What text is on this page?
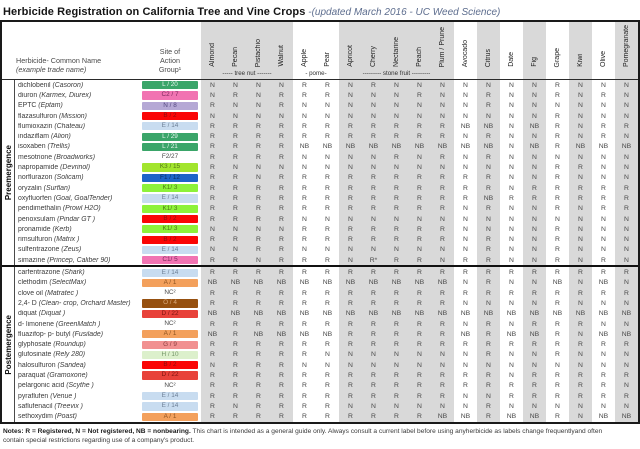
Herbicide Registration on California Tree and Vine Crops -(updated March 2016 - UC Weed Science)
Herbicide- Common Name
(example trade name)
Site of
Action
Group¹
Almond Pecan Pistachio Walnut Apple Pear Apricot Cherry Nectarine Peach Plum / Prune Avocado Citrus Date Fig Grape Kiwi Olive Pomegranate
----- tree nut -------	- pome-	--------- stone fruit ---------
Preemergence
dichlobenil (Casoron)	L / 20	N	N	N	N	R	R	N	R	N	N	N	N	N	N	N	R	N	N	N
diuron (Karmex, Diurex)	C2 / 7	N	R	N	R	R	R	N	N	N	R	N	N	R	N	N	R	N	R	N
EPTC (Eptam)	N / 8	R	N	N	R	N	N	N	N	N	N	N	N	R	N	N	N	N	N	N
flazasulfuron (Mission)	B / 2	N	N	N	N	N	N	N	N	N	N	N	N	N	N	N	R	N	N	N
flumioxazin (Chateau)	E / 14	R	R	R	R	R	R	R	R	R	R	R	NB	NB	N	NB	R	N	R	R
indaziflam (Alion)	L / 29	R	R	R	R	R	R	R	R	R	R	R	N	R	N	N	R	N	R	N
isoxaben (Trellis)	L / 21	R	R	R	R	NB	NB	NB	NB	NB	NB	NB	NB	NB	N	NB	R	NB	NB	NB
mesotrione (Broadworks)	F2/27	R	R	R	R	N	N	N	N	R	N	R	N	R	N	N	N	N	N	N
napropamide (Devrinol)	K3 / 15	R	N	N	N	N	N	N	N	N	N	N	N	N	N	N	R	R	N	N
norflurazon (Solicam)	F1 / 12	R	R	N	R	R	R	R	R	R	R	R	R	R	N	N	R	N	N	N
oryzalin (Surflan)	K1/ 3	R	R	R	R	R	R	R	R	R	R	R	R	R	N	R	R	R	R	R
oxyfluorfen (Goal, GoalTender)	E / 14	R	R	R	R	R	R	R	R	R	R	R	R	NB	R	R	R	R	R	R
pendimethalin (Prowl H2O)	K1/ 3	R	R	R	R	R	R	R	R	R	R	R	N	R	N	N	R	N	R	R
penoxsulam (Pindar GT )	B / 2	R	R	R	R	N	N	N	N	N	N	N	N	N	N	N	N	N	N	N
pronamide (Kerb)	K1/ 3	N	N	N	N	R	R	R	R	R	R	R	N	N	N	N	R	N	N	N
rimsulfuron (Matrix )	B / 2	R	R	R	R	R	R	R	R	R	R	R	N	R	N	N	R	N	N	N
sulfentrazone (Zeus)	E / 14	N	N	R	R	N	N	N	N	N	N	N	N	R	N	N	R	N	N	N
simazine (Princep, Caliber 90)	C1/ 5	R	R	N	R	R	R	N	R*	R	R	N	R	R	N	N	R	N	R	N
Postemergence
carfentrazone (Shark)	E / 14	R	R	R	R	R	R	R	R	R	R	R	R	R	R	R	R	R	R	R
clethodim (SelectMax)	A / 1	NB	NB	NB	NB	NB	NB	NB	NB	NB	NB	NB	N	R	N	N	NB	N	NB	N
clove oil (Matratec )	NC²	R	R	R	R	R	R	R	R	R	R	R	R	R	R	R	R	R	R	R
2,4- D (Clean- crop, Orchard Master)	O / 4	R	R	R	R	R	R	R	R	R	R	R	N	N	N	N	R	N	N	N
diquat (Diquat )	D / 22	NB	NB	NB	NB	NB	NB	NB	NB	NB	NB	NB	NB	NB	NB	NB	NB	NB	NB	NB
d- limonene (GreenMatch )	NC²	R	R	R	R	R	R	R	R	R	R	R	N	R	N	R	R	R	N	N
fluazifop- p- butyl (Fusilade)	A / 1	NB	R	NB	NB	NB	NB	R	R	R	R	R	NB	R	NB	NB	R	N	NB	NB
glyphosate (Roundup)	G / 9	R	R	R	R	R	R	R	R	R	R	R	R	R	R	R	R	R	R	R
glufosinate (Rely 280)	H / 10	R	R	R	R	R	N	N	N	N	N	N	N	R	N	N	R	N	N	N
halosulfuron (Sandea)	B / 2	N	R	R	R	N	N	N	N	N	N	N	N	N	N	N	N	N	N	N
paraquat (Gramoxone)	D / 22	R	R	R	R	R	R	R	R	R	R	R	R	R	N	R	R	R	R	R
pelargonic acid (Scythe )	NC²	R	R	R	R	R	R	R	R	R	R	R	R	R	R	R	R	R	R	N
pyraflufen (Venue )	E / 14	R	R	R	R	R	R	R	R	R	R	R	N	N	R	R	R	R	R	R
saflufenacil (Treevix )	E / 14	R	N	R	R	R	R	N	N	N	N	N	N	R	N	N	N	N	N	N
sethoxydim (Poast)	A / 1	R	R	R	R	R	R	R	R	R	R	NB	NB	R	NB	NB	R	N	NB	NB
Notes: R = Registered, N = Not registered, NB = nonbearing. This chart is intended as a general guide only. Always consult a current label before using anyherbicide as labels change frequentlyand often
contain special restrictions regarding use of a company's product.
